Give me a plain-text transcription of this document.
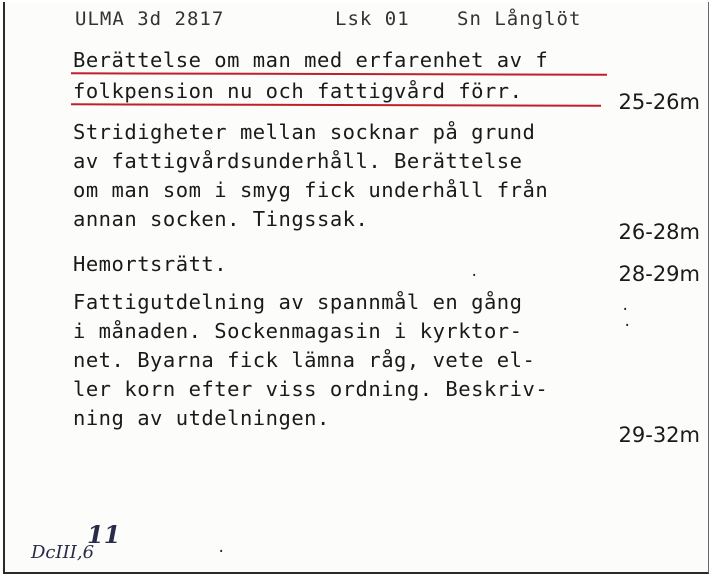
ULMA 3d 2817	Lsk 01 Sn Långlöt
Berättelse om man med erfarenhet av f
folkpension nu och fattigvård förr.	25-26m
Stridigheter mellan socknar på grund
av fattigvårdsunderhåll. Berättelse
om man som i smyg fick underhåll från
annan socken. Tingssak.
26-28m
Hemortsrätt.	28-29m
Fattigutdelning av spannmål en gång
i månaden. Sockenmagasin i kyrktor-
net. Byarna fick lämna råg, vete el-
ler korn efter viss ordning. Beskriv-
ning av utdelningen.
29-32m
.
·
.
.
11
DcIII,6
